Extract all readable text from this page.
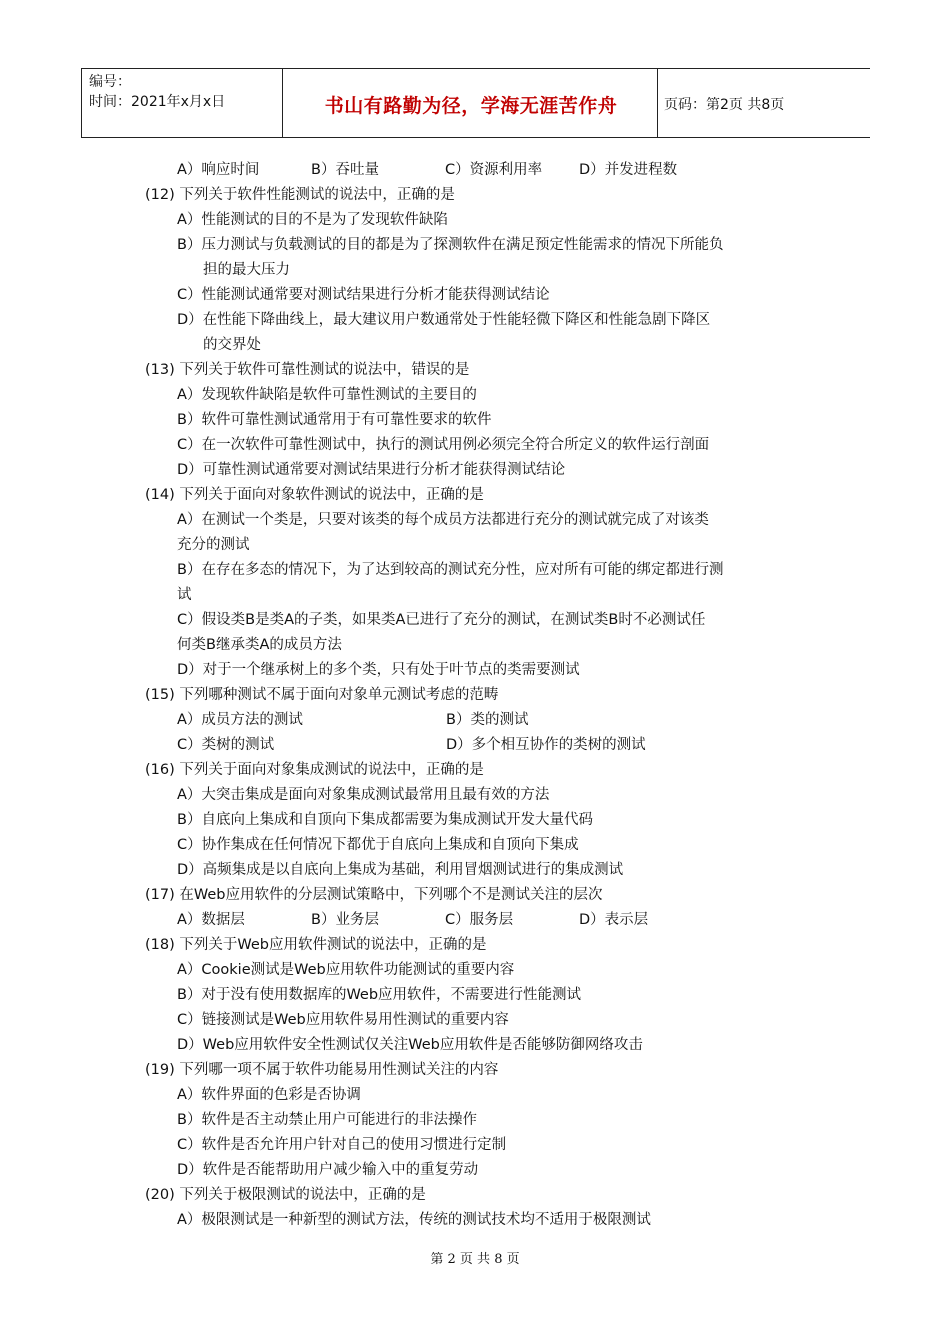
编号：
时间：2021年x月x日	书山有路勤为径，学海无涯苦作舟	页码：第2页 共8页
A）响应时间	B）吞吐量	C）资源利用率	D）并发进程数
(12) 下列关于软件性能测试的说法中，正确的是
A）性能测试的目的不是为了发现软件缺陷
B）压力测试与负载测试的目的都是为了探测软件在满足预定性能需求的情况下所能负
担的最大压力
C）性能测试通常要对测试结果进行分析才能获得测试结论
D）在性能下降曲线上，最大建议用户数通常处于性能轻微下降区和性能急剧下降区
的交界处
(13) 下列关于软件可靠性测试的说法中，错误的是
A）发现软件缺陷是软件可靠性测试的主要目的
B）软件可靠性测试通常用于有可靠性要求的软件
C）在一次软件可靠性测试中，执行的测试用例必须完全符合所定义的软件运行剖面
D）可靠性测试通常要对测试结果进行分析才能获得测试结论
(14) 下列关于面向对象软件测试的说法中，正确的是
A）在测试一个类是，只要对该类的每个成员方法都进行充分的测试就完成了对该类
充分的测试
B）在存在多态的情况下，为了达到较高的测试充分性，应对所有可能的绑定都进行测
试
C）假设类B是类A的子类，如果类A已进行了充分的测试，在测试类B时不必测试任
何类B继承类A的成员方法
D）对于一个继承树上的多个类，只有处于叶节点的类需要测试
(15) 下列哪种测试不属于面向对象单元测试考虑的范畴
A）成员方法的测试	B）类的测试
C）类树的测试	D）多个相互协作的类树的测试
(16) 下列关于面向对象集成测试的说法中，正确的是
A）大突击集成是面向对象集成测试最常用且最有效的方法
B）自底向上集成和自顶向下集成都需要为集成测试开发大量代码
C）协作集成在任何情况下都优于自底向上集成和自顶向下集成
D）高频集成是以自底向上集成为基础，利用冒烟测试进行的集成测试
(17) 在Web应用软件的分层测试策略中，下列哪个不是测试关注的层次
A）数据层	B）业务层	C）服务层	D）表示层
(18) 下列关于Web应用软件测试的说法中，正确的是
A）Cookie测试是Web应用软件功能测试的重要内容
B）对于没有使用数据库的Web应用软件，不需要进行性能测试
C）链接测试是Web应用软件易用性测试的重要内容
D）Web应用软件安全性测试仅关注Web应用软件是否能够防御网络攻击
(19) 下列哪一项不属于软件功能易用性测试关注的内容
A）软件界面的色彩是否协调
B）软件是否主动禁止用户可能进行的非法操作
C）软件是否允许用户针对自己的使用习惯进行定制
D）软件是否能帮助用户减少输入中的重复劳动
(20) 下列关于极限测试的说法中，正确的是
A）极限测试是一种新型的测试方法，传统的测试技术均不适用于极限测试
第 2 页 共 8 页
